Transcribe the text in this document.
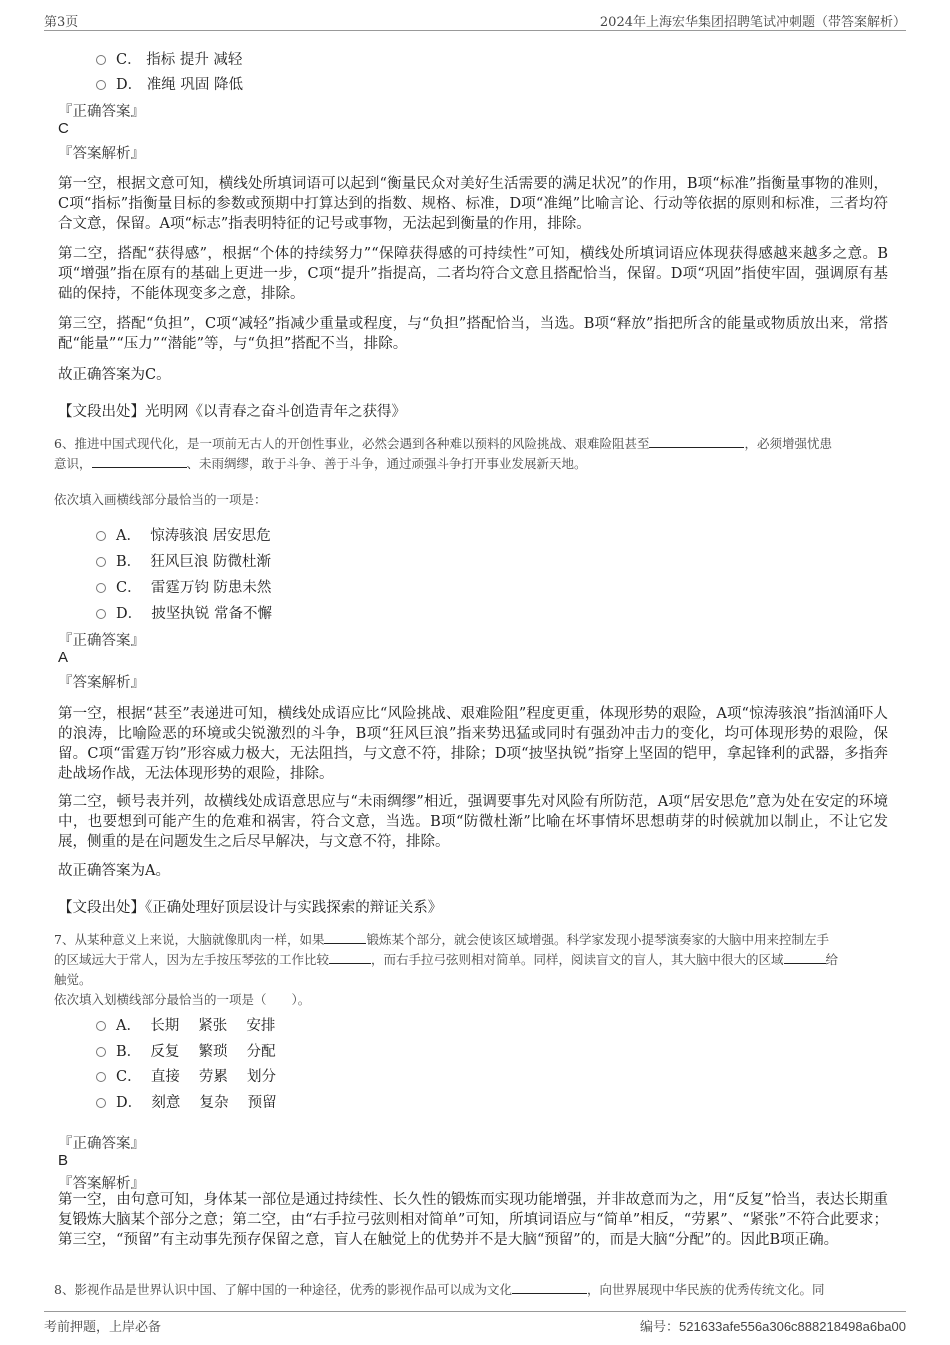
第3页	2024年上海宏华集团招聘笔试冲刺题（带答案解析）
C． 指标 提升 减轻
D． 准绳 巩固 降低
『正确答案』
C
『答案解析』
第一空，根据文意可知，横线处所填词语可以起到“衡量民众对美好生活需要的满足状况”的作用，B项“标准”指衡量事物的准则，C项“指标”指衡量目标的参数或预期中打算达到的指数、规格、标准，D项“准绳”比喻言论、行动等依据的原则和标准，三者均符合文意，保留。A项“标志”指表明特征的记号或事物，无法起到衡量的作用，排除。
第二空，搭配“获得感”，根据“个体的持续努力”“保障获得感的可持续性”可知，横线处所填词语应体现获得感越来越多之意。B项“增强”指在原有的基础上更进一步，C项“提升”指提高，二者均符合文意且搭配恰当，保留。D项“巩固”指使牢固，强调原有基础的保持，不能体现变多之意，排除。
第三空，搭配“负担”，C项“减轻”指减少重量或程度，与“负担”搭配恰当，当选。B项“释放”指把所含的能量或物质放出来，常搭配“能量”“压力”“潜能”等，与“负担”搭配不当，排除。
故正确答案为C。
【文段出处】光明网《以青春之奋斗创造青年之获得》
6、推进中国式现代化，是一项前无古人的开创性事业，必然会遇到各种难以预料的风险挑战、艰难险阻甚至	，必须增强忧患
意识，	、未雨绸缪，敢于斗争、善于斗争，通过顽强斗争打开事业发展新天地。
依次填入画横线部分最恰当的一项是：
A． 惊涛骇浪 居安思危
B． 狂风巨浪 防微杜渐
C． 雷霆万钧 防患未然
D． 披坚执锐 常备不懈
『正确答案』
A
『答案解析』
第一空，根据“甚至”表递进可知，横线处成语应比“风险挑战、艰难险阻”程度更重，体现形势的艰险，A项“惊涛骇浪”指汹涌吓人的浪涛，比喻险恶的环境或尖锐激烈的斗争，B项“狂风巨浪”指来势迅猛或同时有强劲冲击力的变化，均可体现形势的艰险，保留。C项“雷霆万钧”形容威力极大，无法阻挡，与文意不符，排除；D项“披坚执锐”指穿上坚固的铠甲，拿起锋利的武器，多指奔赴战场作战，无法体现形势的艰险，排除。
第二空，顿号表并列，故横线处成语意思应与“未雨绸缪”相近，强调要事先对风险有所防范，A项“居安思危”意为处在安定的环境中，也要想到可能产生的危难和祸害，符合文意，当选。B项“防微杜渐”比喻在坏事情坏思想萌芽的时候就加以制止，不让它发展，侧重的是在问题发生之后尽早解决，与文意不符，排除。
故正确答案为A。
【文段出处】《正确处理好顶层设计与实践探索的辩证关系》
7、从某种意义上来说，大脑就像肌肉一样，如果	锻炼某个部分，就会使该区域增强。科学家发现小提琴演奏家的大脑中用来控制左手
的区域远大于常人，因为左手按压琴弦的工作比较	，而右手拉弓弦则相对简单。同样，阅读盲文的盲人，其大脑中很大的区域	给
触觉。
依次填入划横线部分最恰当的一项是（　　）。
A． 长期　 紧张　 安排
B． 反复　 繁琐　 分配
C． 直接　 劳累　 划分
D． 刻意　 复杂　 预留
『正确答案』
B
『答案解析』
第一空，由句意可知，身体某一部位是通过持续性、长久性的锻炼而实现功能增强，并非故意而为之，用“反复”恰当，表达长期重复锻炼大脑某个部分之意；第二空，由“右手拉弓弦则相对简单”可知，所填词语应与“简单”相反，“劳累”、“紧张”不符合此要求；第三空，“预留”有主动事先预存保留之意，盲人在触觉上的优势并不是大脑“预留”的，而是大脑“分配”的。因此B项正确。
8、影视作品是世界认识中国、了解中国的一种途径，优秀的影视作品可以成为文化	，向世界展现中华民族的优秀传统文化。同
考前押题，上岸必备	编号：521633afe556a306c888218498a6ba00
